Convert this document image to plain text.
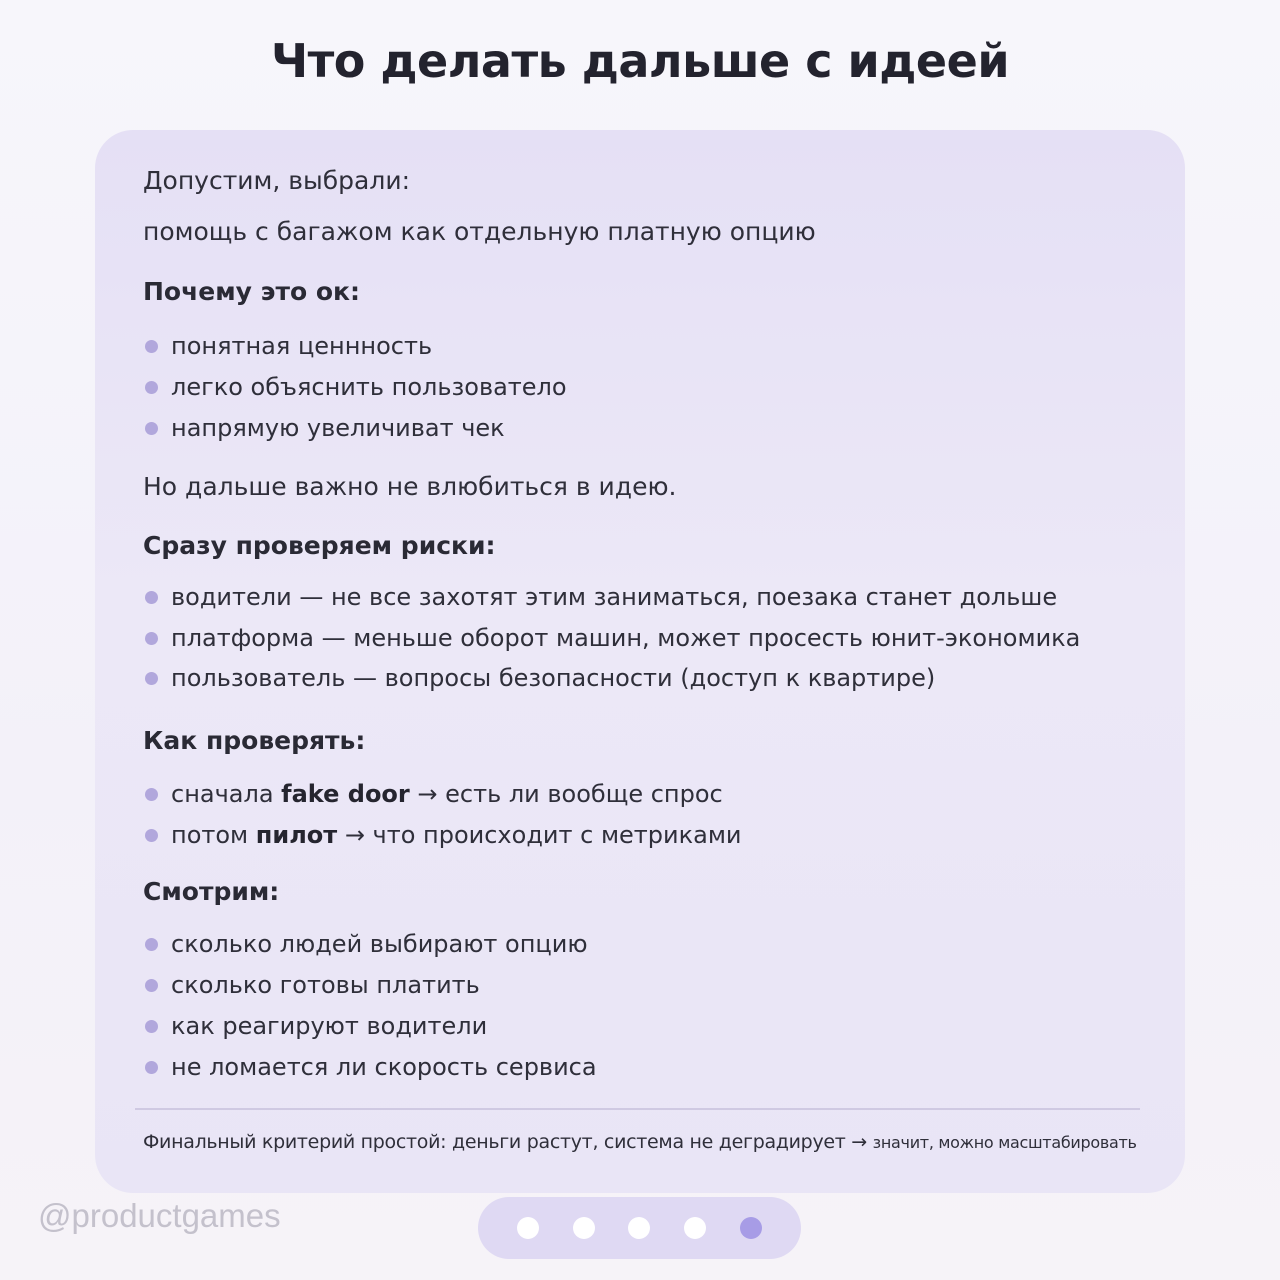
Что делать дальше с идеей
Допустим, выбрали:
помощь с багажом как отдельную платную опцию
Почему это ок:
понятная ценнность
легко объяснить пользователо
напрямую увеличиват чек
Но дальше важно не влюбиться в идею.
Сразу проверяем риски:
водители — не все захотят этим заниматься, поезака станет дольше
платформа — меньше оборот машин, может просесть юнит-экономика
пользователь — вопросы безопасности (доступ к квартире)
Как проверять:
сначала fake door → есть ли вообще спрос
потом пилот → что происходит с метриками
Смотрим:
сколько людей выбирают опцию
сколько готовы платить
как реагируют водители
не ломается ли скорость сервиса
Финальный критерий простой: деньги растут, система не деградирует → значит, можно масштабировать
@productgames
